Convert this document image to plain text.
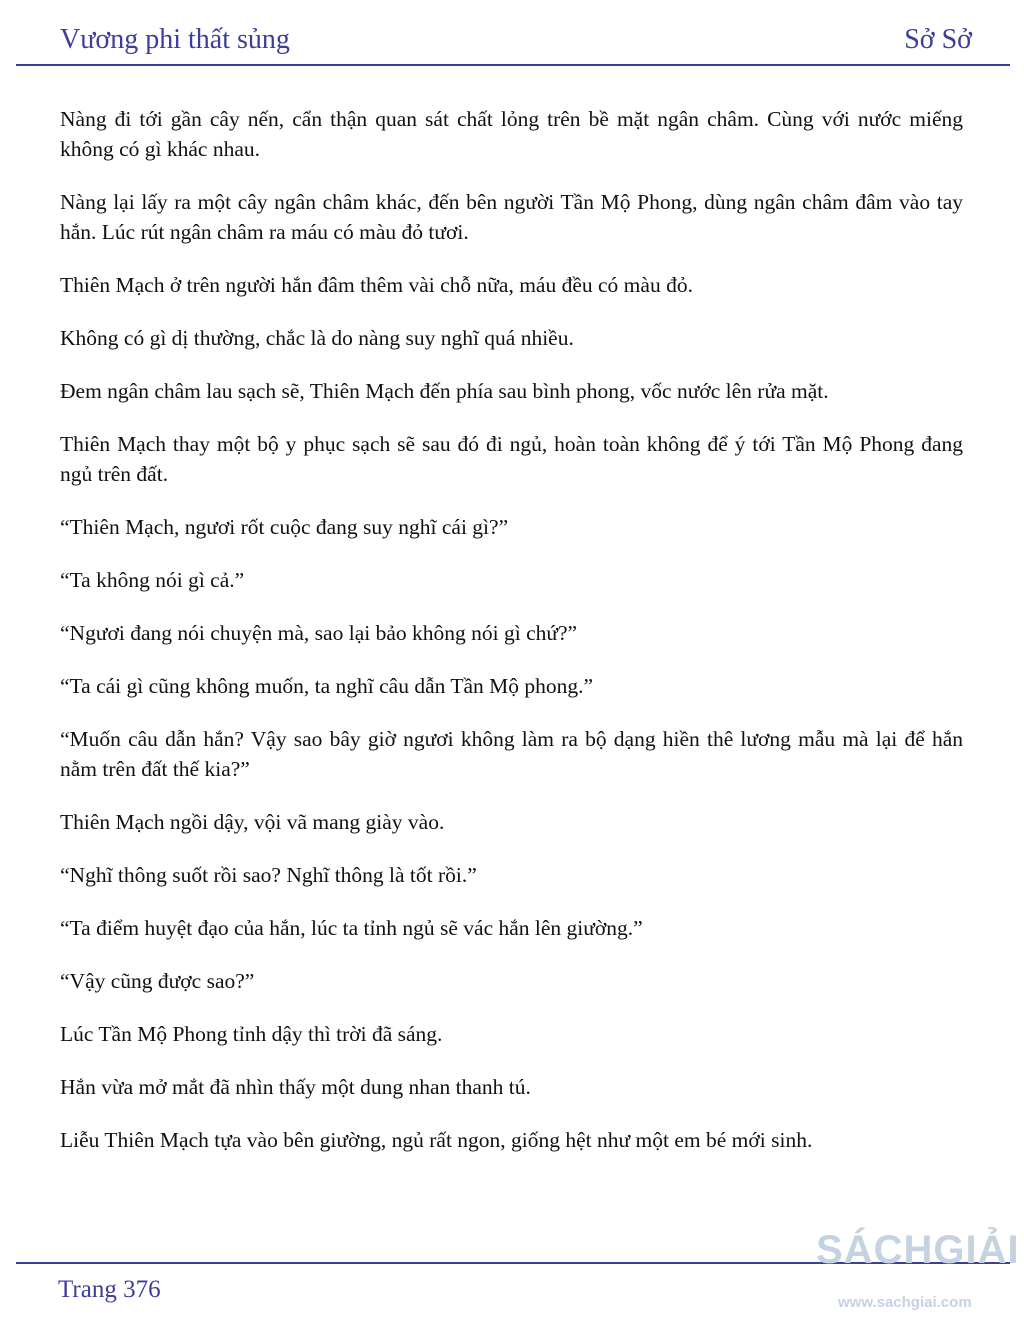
Vương phi thất sủng	Sở Sở

Nàng đi tới gần cây nến, cẩn thận quan sát chất lỏng trên bề mặt ngân châm. Cùng với nước miếng không có gì khác nhau.

Nàng lại lấy ra một cây ngân châm khác, đến bên người Tần Mộ Phong, dùng ngân châm đâm vào tay hắn. Lúc rút ngân châm ra máu có màu đỏ tươi.

Thiên Mạch ở trên người hắn đâm thêm vài chỗ nữa, máu đều có màu đỏ.

Không có gì dị thường, chắc là do nàng suy nghĩ quá nhiều.

Đem ngân châm lau sạch sẽ, Thiên Mạch đến phía sau bình phong, vốc nước lên rửa mặt.

Thiên Mạch thay một bộ y phục sạch sẽ sau đó đi ngủ, hoàn toàn không để ý tới Tần Mộ Phong đang ngủ trên đất.

“Thiên Mạch, ngươi rốt cuộc đang suy nghĩ cái gì?”

“Ta không nói gì cả.”

“Ngươi đang nói chuyện mà, sao lại bảo không nói gì chứ?”

“Ta cái gì cũng không muốn, ta nghĩ câu dẫn Tần Mộ phong.”

“Muốn câu dẫn hắn? Vậy sao bây giờ ngươi không làm ra bộ dạng hiền thê lương mẫu mà lại để hắn nằm trên đất thế kia?”

Thiên Mạch ngồi dậy, vội vã mang giày vào.

“Nghĩ thông suốt rồi sao? Nghĩ thông là tốt rồi.”

“Ta điểm huyệt đạo của hắn, lúc ta tỉnh ngủ sẽ vác hắn lên giường.”

“Vậy cũng được sao?”

Lúc Tần Mộ Phong tỉnh dậy thì trời đã sáng.

Hắn vừa mở mắt đã nhìn thấy một dung nhan thanh tú.

Liễu Thiên Mạch tựa vào bên giường, ngủ rất ngon, giống hệt như một em bé mới sinh.

Trang 376
SÁCHGIẢI
www.sachgiai.com
